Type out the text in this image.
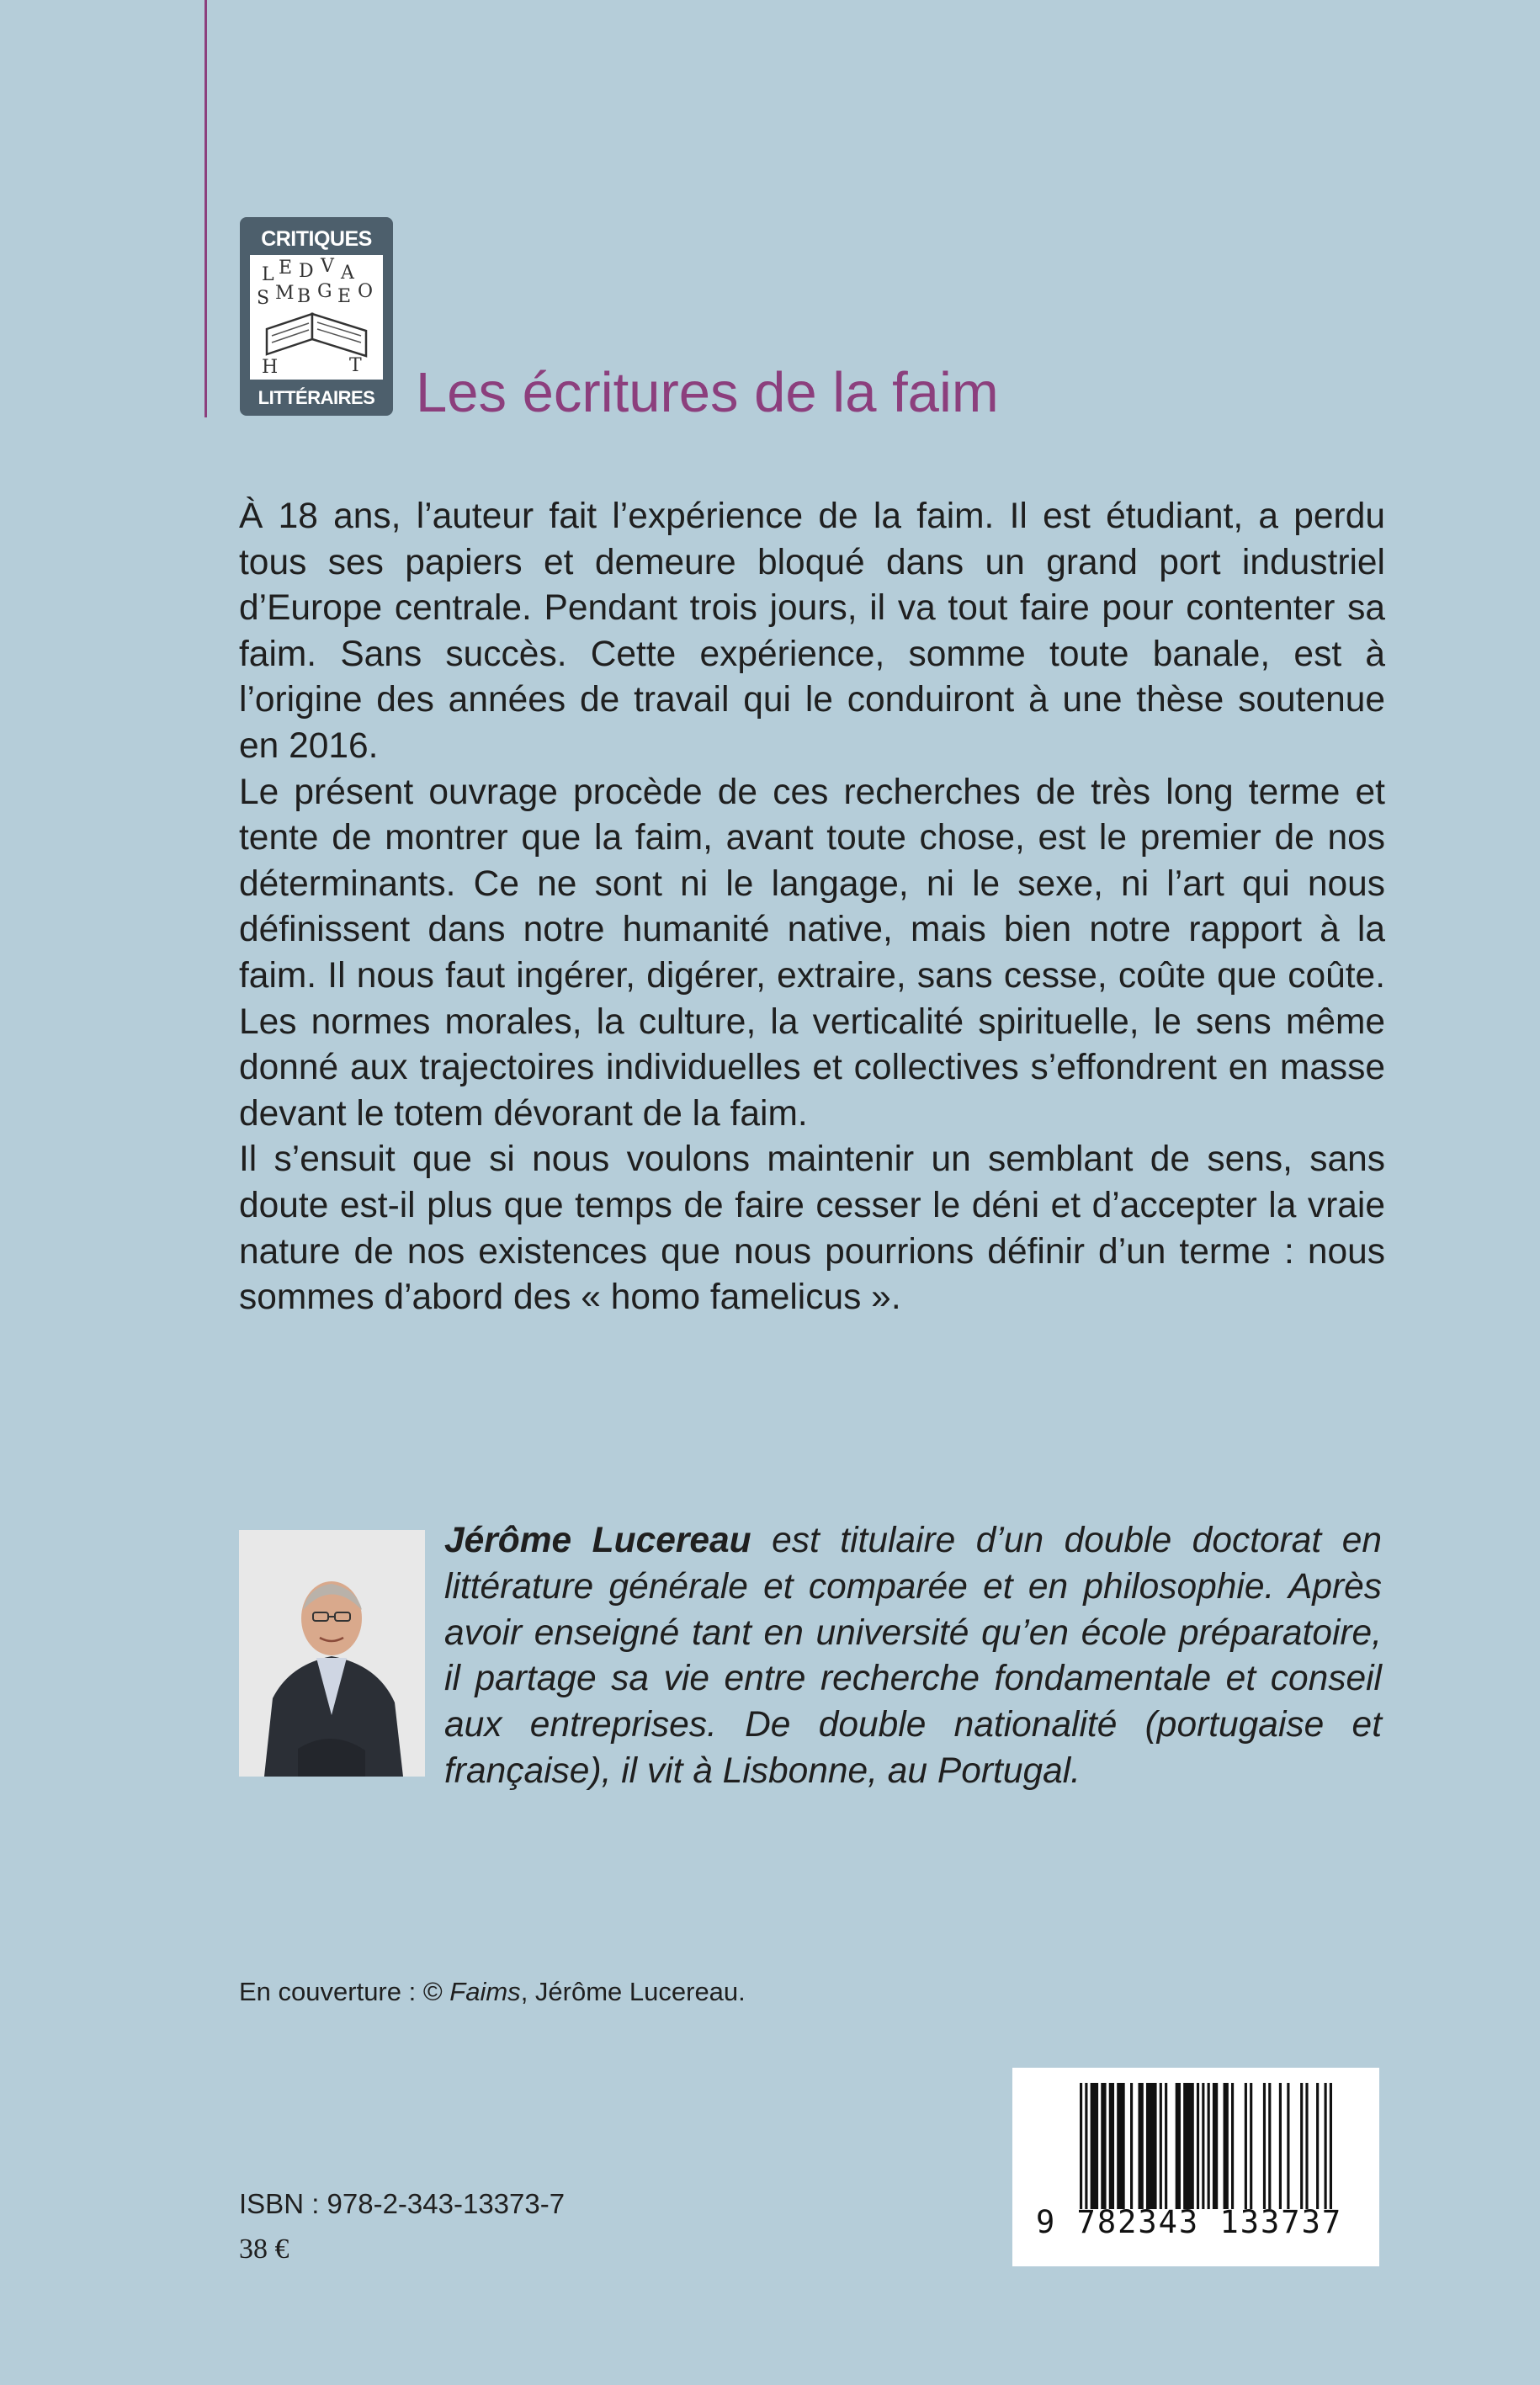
CRITIQUES
L E D V A
S M B G E O
T
H
LITTÉRAIRES Les écritures de la faim

À 18 ans, l’auteur fait l’expérience de la faim. Il est étudiant, a perdu tous ses papiers et demeure bloqué dans un grand port industriel d’Europe centrale. Pendant trois jours, il va tout faire pour contenter sa faim. Sans succès. Cette expérience, somme toute banale, est à l’origine des années de travail qui le conduiront à une thèse soutenue en 2016.

Le présent ouvrage procède de ces recherches de très long terme et tente de montrer que la faim, avant toute chose, est le premier de nos déterminants. Ce ne sont ni le langage, ni le sexe, ni l’art qui nous définissent dans notre humanité native, mais bien notre rapport à la faim. Il nous faut ingérer, digérer, extraire, sans cesse, coûte que coûte. Les normes morales, la culture, la verticalité spirituelle, le sens même donné aux trajectoires individuelles et collectives s’effondrent en masse devant le totem dévorant de la faim.

Il s’ensuit que si nous voulons maintenir un semblant de sens, sans doute est-il plus que temps de faire cesser le déni et d’accepter la vraie nature de nos existences que nous pourrions définir d’un terme : nous sommes d’abord des « homo famelicus ».

Jérôme Lucereau est titulaire d’un double doctorat en littérature générale et comparée et en philosophie. Après avoir enseigné tant en université qu’en école préparatoire, il partage sa vie entre recherche fondamentale et conseil aux entreprises. De double nationalité (portugaise et française), il vit à Lisbonne, au Portugal.
En couverture : © Faims, Jérôme Lucereau.
ISBN : 978-2-343-13373-7
38 €
9 782343 133737
